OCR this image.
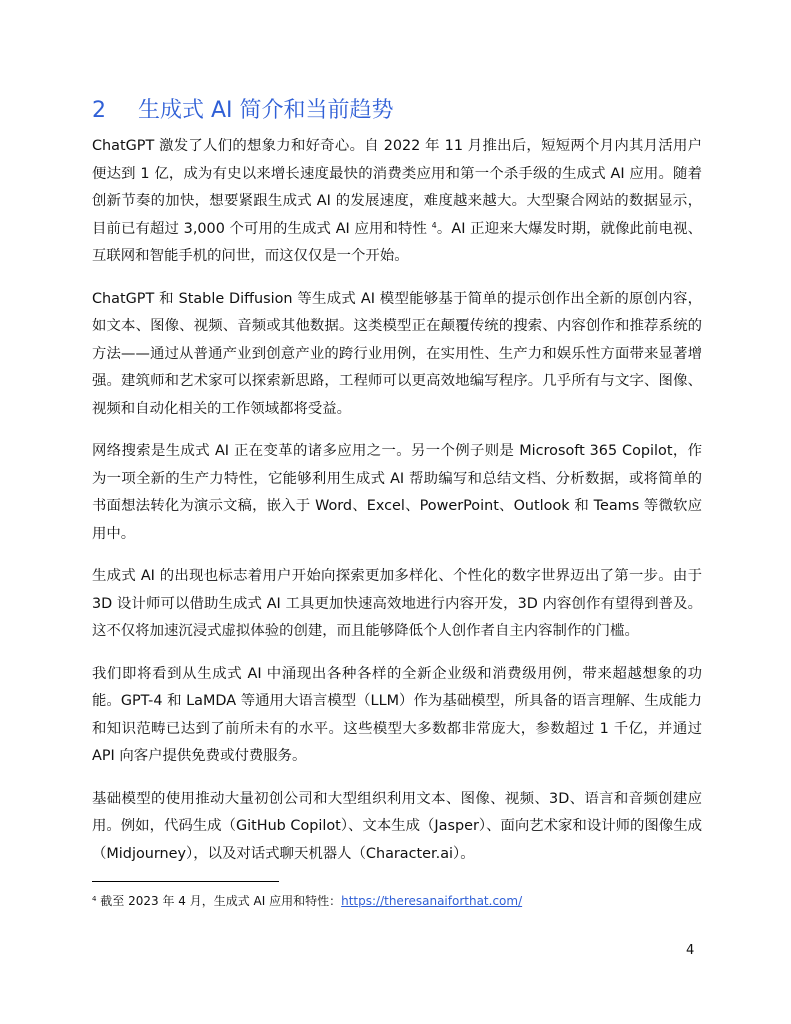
2 生成式 AI 简介和当前趋势

ChatGPT 激发了人们的想象力和好奇心。自 2022 年 11 月推出后，短短两个月内其月活用户便达到 1 亿，成为有史以来增长速度最快的消费类应用和第一个杀手级的生成式 AI 应用。随着创新节奏的加快，想要紧跟生成式 AI 的发展速度，难度越来越大。大型聚合网站的数据显示，目前已有超过 3,000 个可用的生成式 AI 应用和特性 $^4$。AI 正迎来大爆发时期，就像此前电视、互联网和智能手机的问世，而这仅仅是一个开始。

ChatGPT 和 Stable Diffusion 等生成式 AI 模型能够基于简单的提示创作出全新的原创内容，如文本、图像、视频、音频或其他数据。这类模型正在颠覆传统的搜索、内容创作和推荐系统的方法——通过从普通产业到创意产业的跨行业用例，在实用性、生产力和娱乐性方面带来显著增强。建筑师和艺术家可以探索新思路，工程师可以更高效地编写程序。几乎所有与文字、图像、视频和自动化相关的工作领域都将受益。

网络搜索是生成式 AI 正在变革的诸多应用之一。另一个例子则是 Microsoft 365 Copilot，作为一项全新的生产力特性，它能够利用生成式 AI 帮助编写和总结文档、分析数据，或将简单的书面想法转化为演示文稿，嵌入于 Word、Excel、PowerPoint、Outlook 和 Teams 等微软应用中。

生成式 AI 的出现也标志着用户开始向探索更加多样化、个性化的数字世界迈出了第一步。由于 3D 设计师可以借助生成式 AI 工具更加快速高效地进行内容开发，3D 内容创作有望得到普及。这不仅将加速沉浸式虚拟体验的创建，而且能够降低个人创作者自主内容制作的门槛。

我们即将看到从生成式 AI 中涌现出各种各样的全新企业级和消费级用例，带来超越想象的功能。GPT-4 和 LaMDA 等通用大语言模型（LLM）作为基础模型，所具备的语言理解、生成能力和知识范畴已达到了前所未有的水平。这些模型大多数都非常庞大，参数超过 1 千亿，并通过 API 向客户提供免费或付费服务。

基础模型的使用推动大量初创公司和大型组织利用文本、图像、视频、3D、语言和音频创建应用。例如，代码生成（GitHub Copilot）、文本生成（Jasper）、面向艺术家和设计师的图像生成（Midjourney），以及对话式聊天机器人（Character.ai）。

$^4$ 截至 2023 年 4 月，生成式 AI 应用和特性：https://theresanaiforthat.com/
4
